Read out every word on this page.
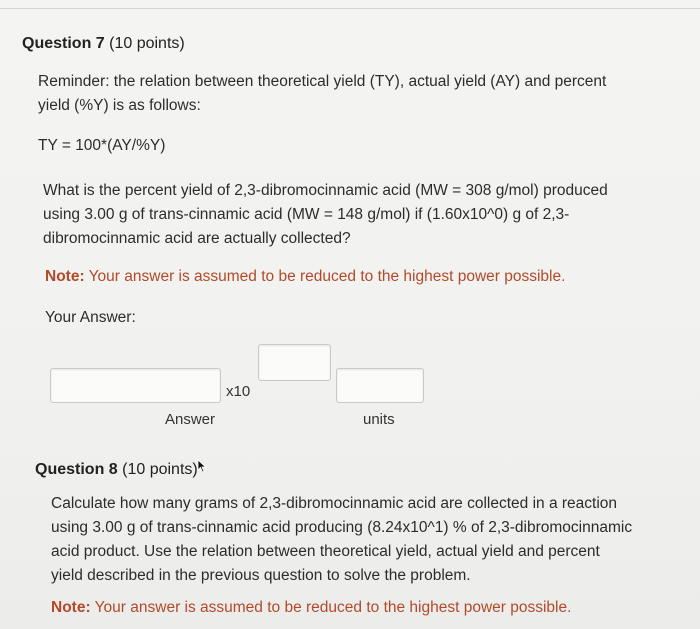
Question 7 (10 points)
Reminder: the relation between theoretical yield (TY), actual yield (AY) and percent
yield (%Y) is as follows:
TY = 100*(AY/%Y)
What is the percent yield of 2,3-dibromocinnamic acid (MW = 308 g/mol) produced
using 3.00 g of trans-cinnamic acid (MW = 148 g/mol) if (1.60x10^0) g of 2,3-
dibromocinnamic acid are actually collected?
Note: Your answer is assumed to be reduced to the highest power possible.
Your Answer:
x10
Answer	units
Question 8 (10 points)
Calculate how many grams of 2,3-dibromocinnamic acid are collected in a reaction
using 3.00 g of trans-cinnamic acid producing (8.24x10^1) % of 2,3-dibromocinnamic
acid product. Use the relation between theoretical yield, actual yield and percent
yield described in the previous question to solve the problem.
Note: Your answer is assumed to be reduced to the highest power possible.
